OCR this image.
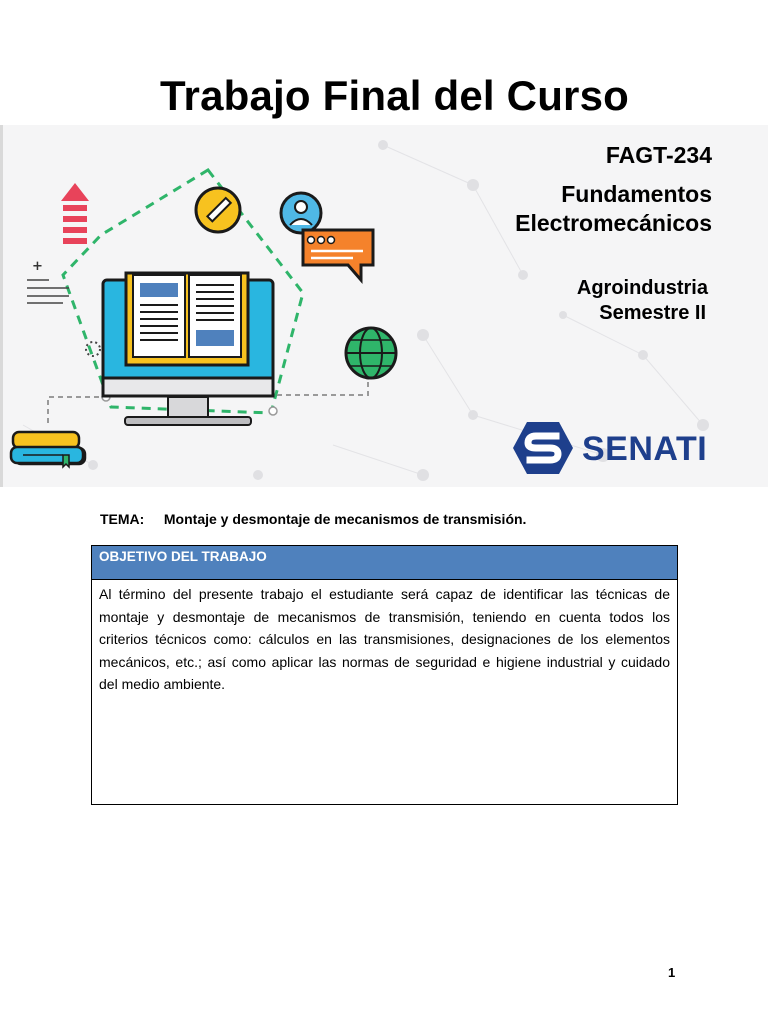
Trabajo Final del Curso
+
FAGT-234
Fundamentos
Electromecánicos
Agroindustria
Semestre II
SENATI
TEMA: Montaje y desmontaje de mecanismos de transmisión.
OBJETIVO DEL TRABAJO
Al término del presente trabajo el estudiante será capaz de identificar las técnicas de montaje y desmontaje de mecanismos de transmisión, teniendo en cuenta todos los criterios técnicos como: cálculos en las transmisiones, designaciones de los elementos mecánicos, etc.; así como aplicar las normas de seguridad e higiene industrial y cuidado del medio ambiente.
1
